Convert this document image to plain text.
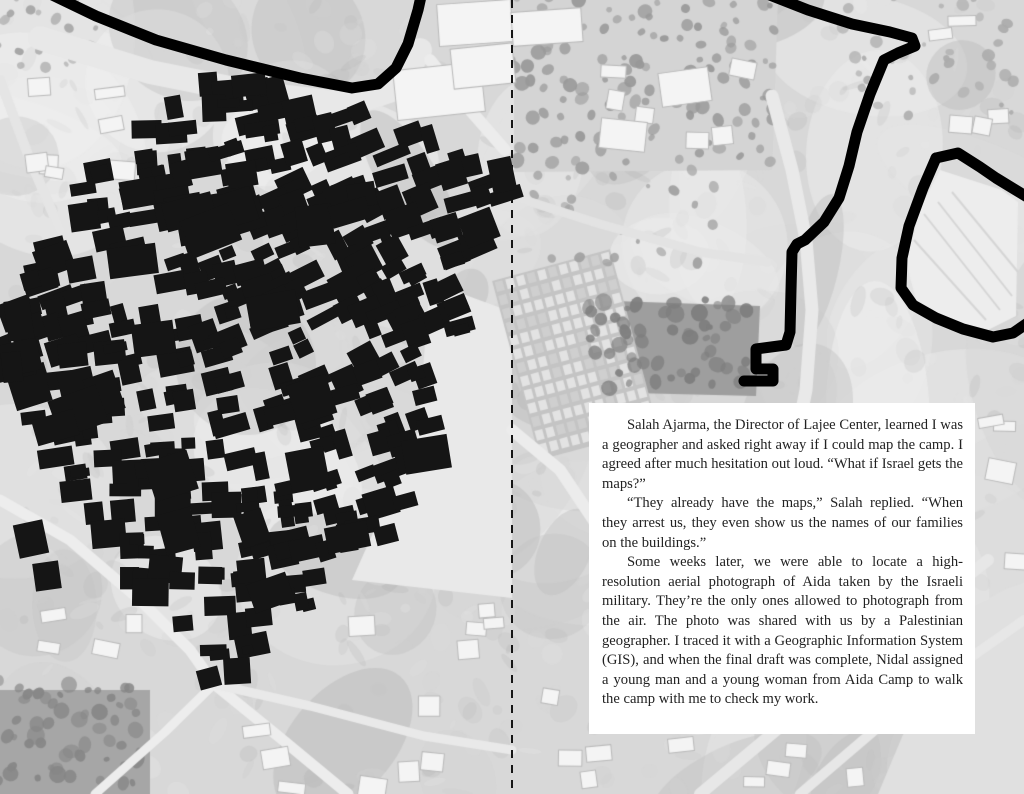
Salah Ajarma, the Director of Lajee Center, learned I was a geographer and asked right away if I could map the camp. I agreed after much hesitation out loud. “What if Israel gets the maps?”

“They already have the maps,” Salah replied. “When they arrest us, they even show us the names of our families on the buildings.”

Some weeks later, we were able to locate a high-resolution aerial photograph of Aida taken by the Israeli military. They’re the only ones allowed to photograph from the air. The photo was shared with us by a Palestinian geographer. I traced it with a Geographic Information System (GIS), and when the final draft was complete, Nidal assigned a young man and a young woman from Aida Camp to walk the camp with me to check my work.
